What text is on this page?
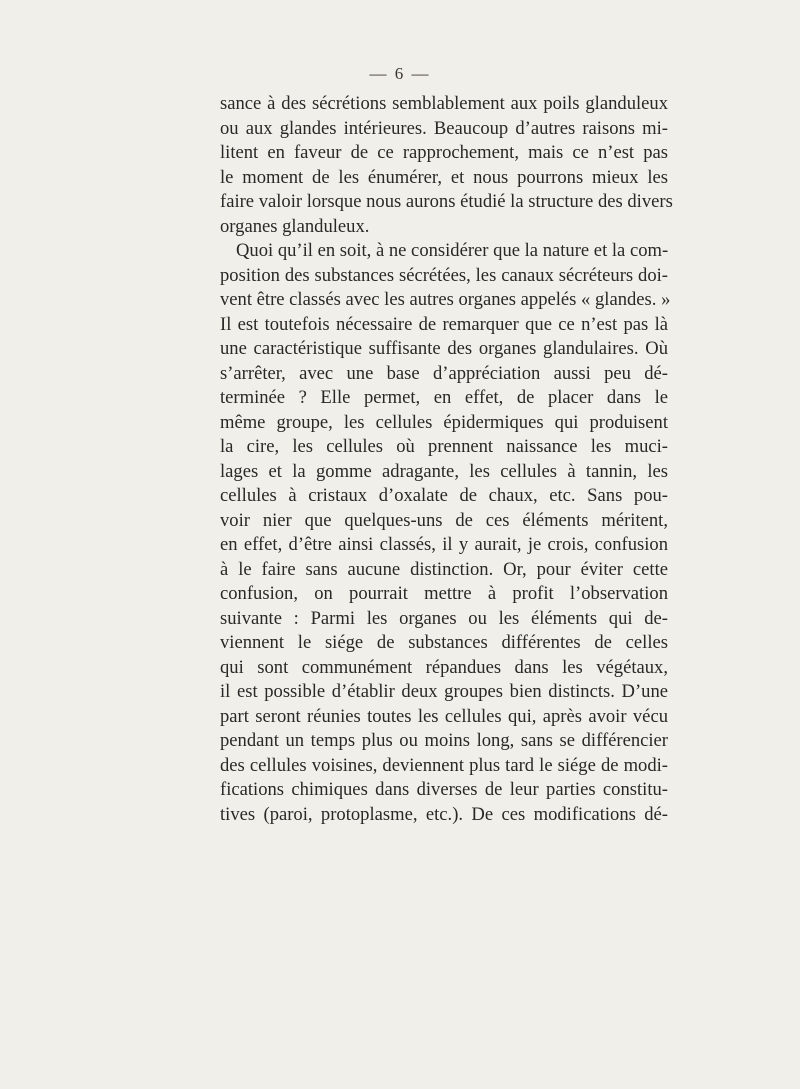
— 6 —
sance à des sécrétions semblablement aux poils glanduleux
ou aux glandes intérieures. Beaucoup d’autres raisons mi-
litent en faveur de ce rapprochement, mais ce n’est pas
le moment de les énumérer, et nous pourrons mieux les
faire valoir lorsque nous aurons étudié la structure des divers
organes glanduleux.
Quoi qu’il en soit, à ne considérer que la nature et la com-
position des substances sécrétées, les canaux sécréteurs doi-
vent être classés avec les autres organes appelés « glandes. »
Il est toutefois nécessaire de remarquer que ce n’est pas là
une caractéristique suffisante des organes glandulaires. Où
s’arrêter, avec une base d’appréciation aussi peu dé-
terminée ? Elle permet, en effet, de placer dans le
même groupe, les cellules épidermiques qui produisent
la cire, les cellules où prennent naissance les muci-
lages et la gomme adragante, les cellules à tannin, les
cellules à cristaux d’oxalate de chaux, etc. Sans pou-
voir nier que quelques-uns de ces éléments méritent,
en effet, d’être ainsi classés, il y aurait, je crois, confusion
à le faire sans aucune distinction. Or, pour éviter cette
confusion, on pourrait mettre à profit l’observation
suivante : Parmi les organes ou les éléments qui de-
viennent le siége de substances différentes de celles
qui sont communément répandues dans les végétaux,
il est possible d’établir deux groupes bien distincts. D’une
part seront réunies toutes les cellules qui, après avoir vécu
pendant un temps plus ou moins long, sans se différencier
des cellules voisines, deviennent plus tard le siége de modi-
fications chimiques dans diverses de leur parties constitu-
tives (paroi, protoplasme, etc.). De ces modifications dé-
